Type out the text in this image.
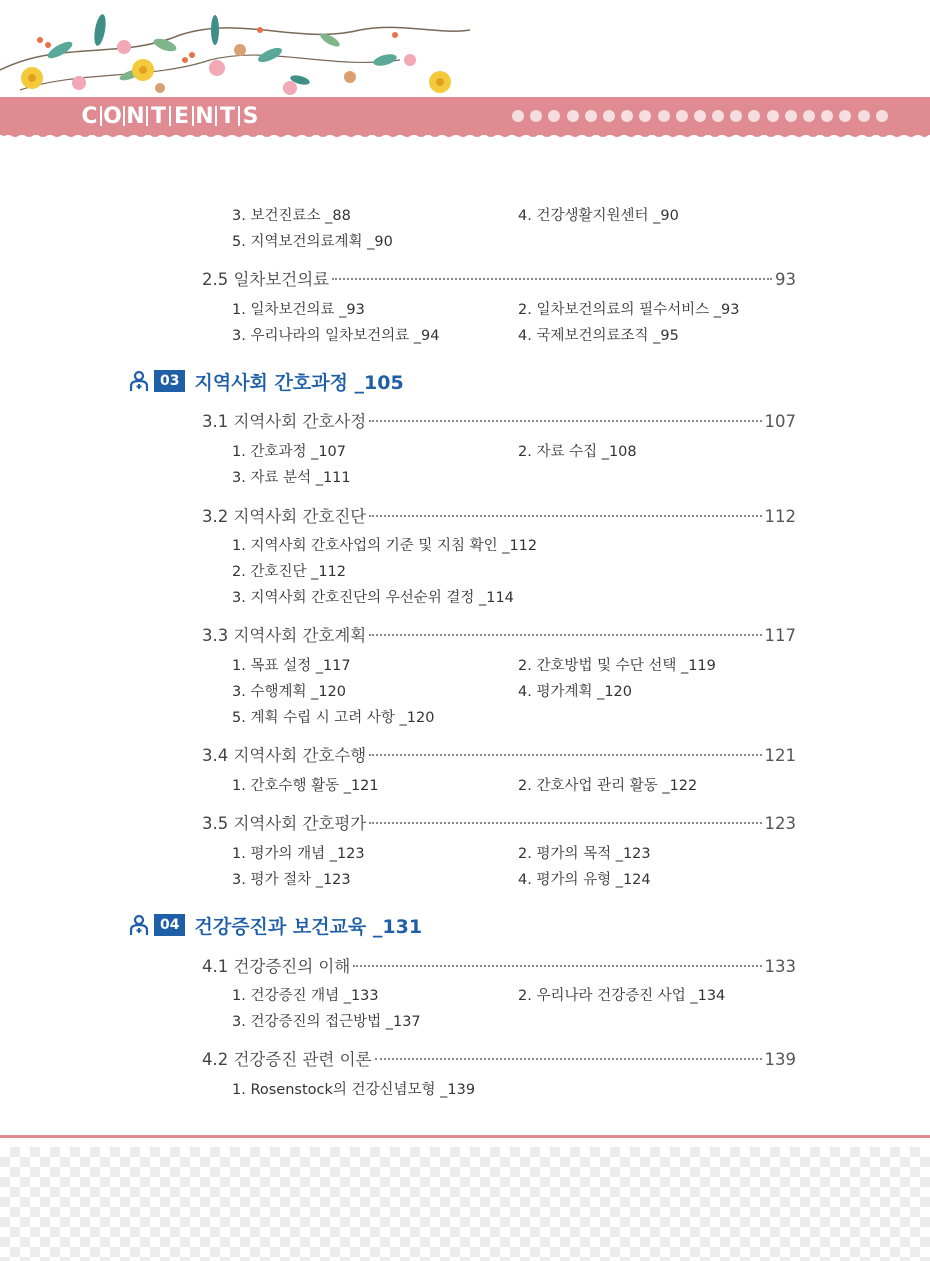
C O N T E N T S
3. 보건진료소 _88	4. 건강생활지원센터 _90
5. 지역보건의료계획 _90
2.5 일차보건의료	93
1. 일차보건의료 _93	2. 일차보건의료의 필수서비스 _93
3. 우리나라의 일차보건의료 _94	4. 국제보건의료조직 _95
03 지역사회 간호과정 _105
3.1 지역사회 간호사정	107
1. 간호과정 _107	2. 자료 수집 _108
3. 자료 분석 _111
3.2 지역사회 간호진단	112
1. 지역사회 간호사업의 기준 및 지침 확인 _112
2. 간호진단 _112
3. 지역사회 간호진단의 우선순위 결정 _114
3.3 지역사회 간호계획	117
1. 목표 설정 _117	2. 간호방법 및 수단 선택 _119
3. 수행계획 _120	4. 평가계획 _120
5. 계획 수립 시 고려 사항 _120
3.4 지역사회 간호수행	121
1. 간호수행 활동 _121	2. 간호사업 관리 활동 _122
3.5 지역사회 간호평가	123
1. 평가의 개념 _123	2. 평가의 목적 _123
3. 평가 절차 _123	4. 평가의 유형 _124
04 건강증진과 보건교육 _131
4.1 건강증진의 이해	133
1. 건강증진 개념 _133	2. 우리나라 건강증진 사업 _134
3. 건강증진의 접근방법 _137
4.2 건강증진 관련 이론	139
1. Rosenstock의 건강신념모형 _139
